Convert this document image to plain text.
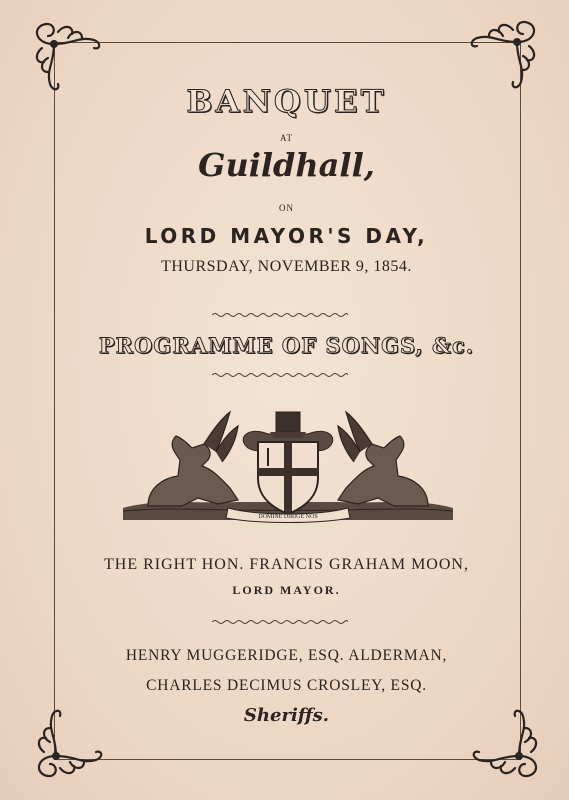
BANQUET
AT
Guildhall,
ON
LORD MAYOR'S DAY,
THURSDAY, NOVEMBER 9, 1854.
PROGRAMME OF SONGS, &c.
DOMINE DIRIGE NOS
THE RIGHT HON. FRANCIS GRAHAM MOON,
LORD MAYOR.
HENRY MUGGERIDGE, ESQ. ALDERMAN,
CHARLES DECIMUS CROSLEY, ESQ.
Sheriffs.
